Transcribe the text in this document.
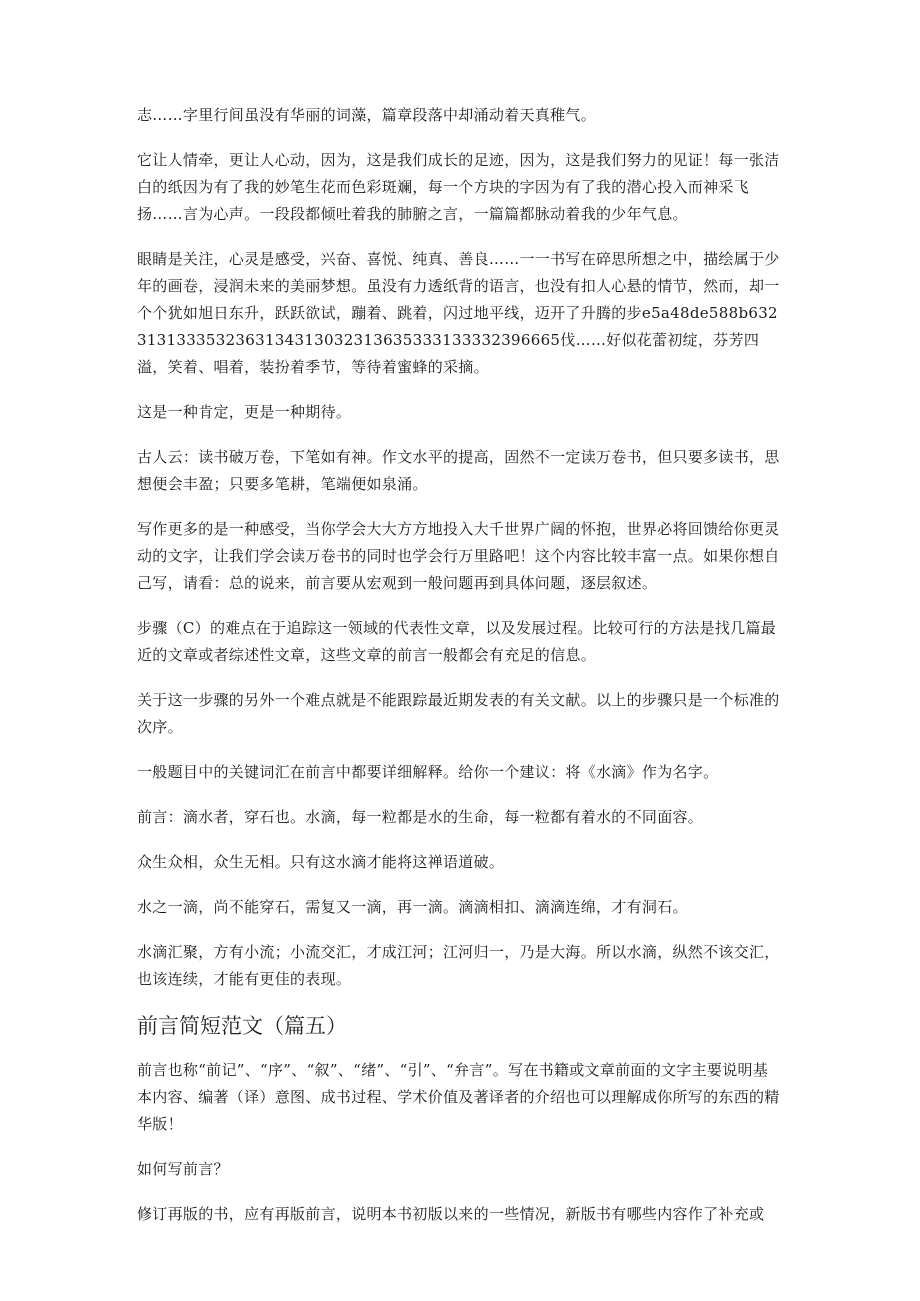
志……字里行间虽没有华丽的词藻，篇章段落中却涌动着天真稚气。

它让人情牵，更让人心动，因为，这是我们成长的足迹，因为，这是我们努力的见证！每一张洁白的纸因为有了我的妙笔生花而色彩斑斓，每一个方块的字因为有了我的潜心投入而神采飞扬……言为心声。一段段都倾吐着我的肺腑之言，一篇篇都脉动着我的少年气息。

眼睛是关注，心灵是感受，兴奋、喜悦、纯真、善良……一一书写在碎思所想之中，描绘属于少年的画卷，浸润未来的美丽梦想。虽没有力透纸背的语言，也没有扣人心悬的情节，然而，却一个个犹如旭日东升，跃跃欲试，蹦着、跳着，闪过地平线，迈开了升腾的步e5a48de588b6323131333532363134313032313635333133332396665伐……好似花蕾初绽，芬芳四溢，笑着、唱着，装扮着季节，等待着蜜蜂的采摘。

这是一种肯定，更是一种期待。

古人云：读书破万卷，下笔如有神。作文水平的提高，固然不一定读万卷书，但只要多读书，思想便会丰盈；只要多笔耕，笔端便如泉涌。

写作更多的是一种感受，当你学会大大方方地投入大千世界广阔的怀抱，世界必将回馈给你更灵动的文字，让我们学会读万卷书的同时也学会行万里路吧！这个内容比较丰富一点。如果你想自己写，请看：总的说来，前言要从宏观到一般问题再到具体问题，逐层叙述。

步骤（C）的难点在于追踪这一领域的代表性文章，以及发展过程。比较可行的方法是找几篇最近的文章或者综述性文章，这些文章的前言一般都会有充足的信息。

关于这一步骤的另外一个难点就是不能跟踪最近期发表的有关文献。以上的步骤只是一个标准的次序。

一般题目中的关键词汇在前言中都要详细解释。给你一个建议：将《水滴》作为名字。

前言：滴水者，穿石也。水滴，每一粒都是水的生命，每一粒都有着水的不同面容。

众生众相，众生无相。只有这水滴才能将这禅语道破。

水之一滴，尚不能穿石，需复又一滴，再一滴。滴滴相扣、滴滴连绵，才有洞石。

水滴汇聚，方有小流；小流交汇，才成江河；江河归一，乃是大海。所以水滴，纵然不该交汇，也该连续，才能有更佳的表现。

前言简短范文（篇五）

前言也称“前记”、“序”、“叙”、“绪”、“引”、“弁言”。写在书籍或文章前面的文字主要说明基本内容、编著（译）意图、成书过程、学术价值及著译者的介绍也可以理解成你所写的东西的精华版！

如何写前言？

修订再版的书，应有再版前言，说明本书初版以来的一些情况，新版书有哪些内容作了补充或
